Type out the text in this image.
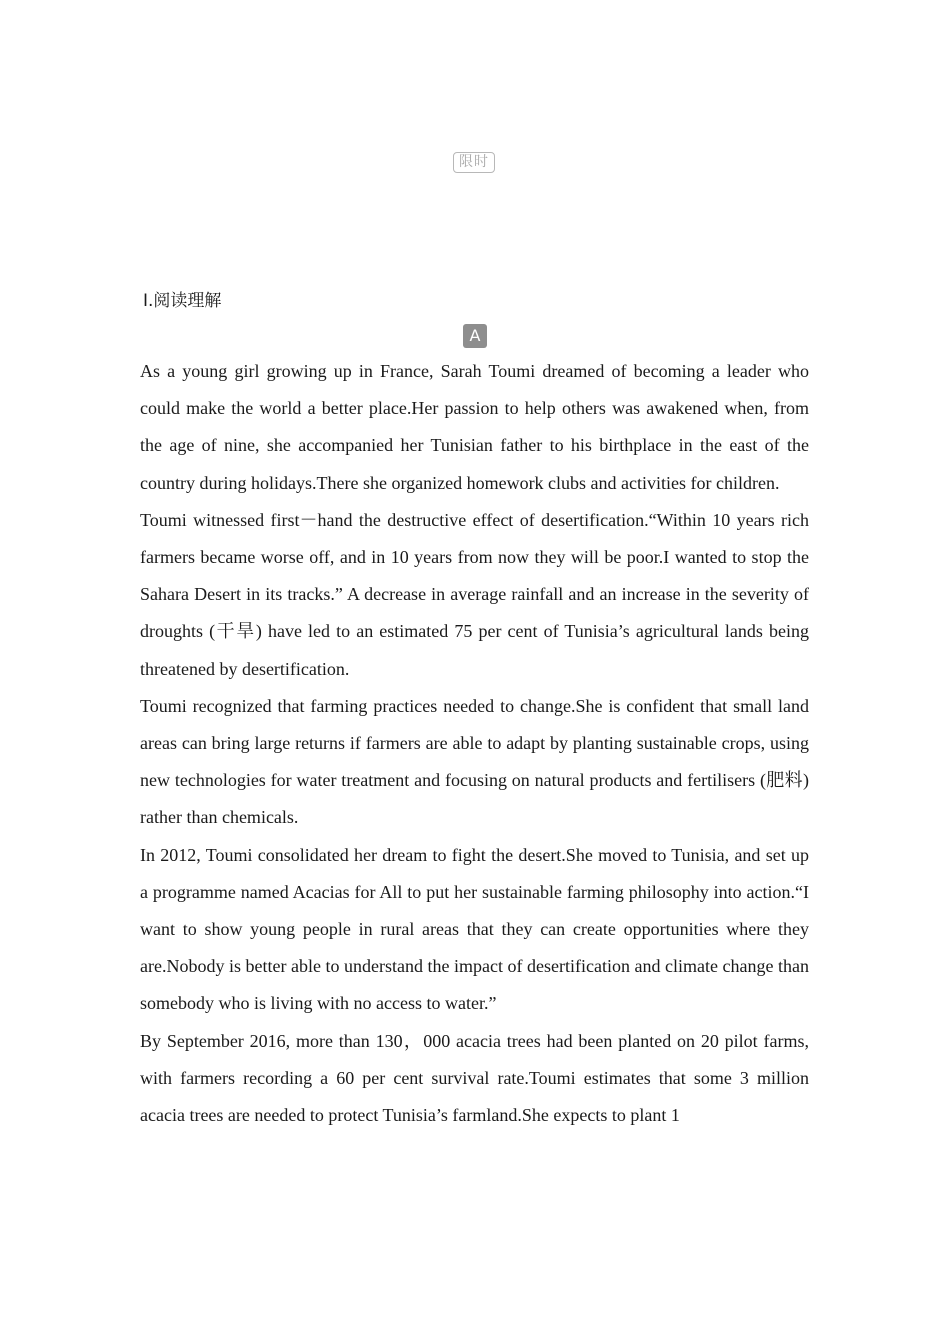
限时
Ⅰ.阅读理解
A

As a young girl growing up in France, Sarah Toumi dreamed of becoming a leader who could make the world a better place.Her passion to help others was awakened when, from the age of nine, she accompanied her Tunisian father to his birthplace in the east of the country during holidays.There she organized homework clubs and activities for children.

Toumi witnessed first－hand the destructive effect of desertification.“Within 10 years rich farmers became worse off, and in 10 years from now they will be poor.I wanted to stop the Sahara Desert in its tracks.” A decrease in average rainfall and an increase in the severity of droughts (干旱) have led to an estimated 75 per cent of Tunisia’s agricultural lands being threatened by desertification.

Toumi recognized that farming practices needed to change.She is confident that small land areas can bring large returns if farmers are able to adapt by planting sustainable crops, using new technologies for water treatment and focusing on natural products and fertilisers (肥料) rather than chemicals.

In 2012, Toumi consolidated her dream to fight the desert.She moved to Tunisia, and set up a programme named Acacias for All to put her sustainable farming philosophy into action.“I want to show young people in rural areas that they can create opportunities where they are.Nobody is better able to understand the impact of desertification and climate change than somebody who is living with no access to water.”

By September 2016, more than 130，000 acacia trees had been planted on 20 pilot farms, with farmers recording a 60 per cent survival rate.Toumi estimates that some 3 million acacia trees are needed to protect Tunisia’s farmland.She expects to plant 1
